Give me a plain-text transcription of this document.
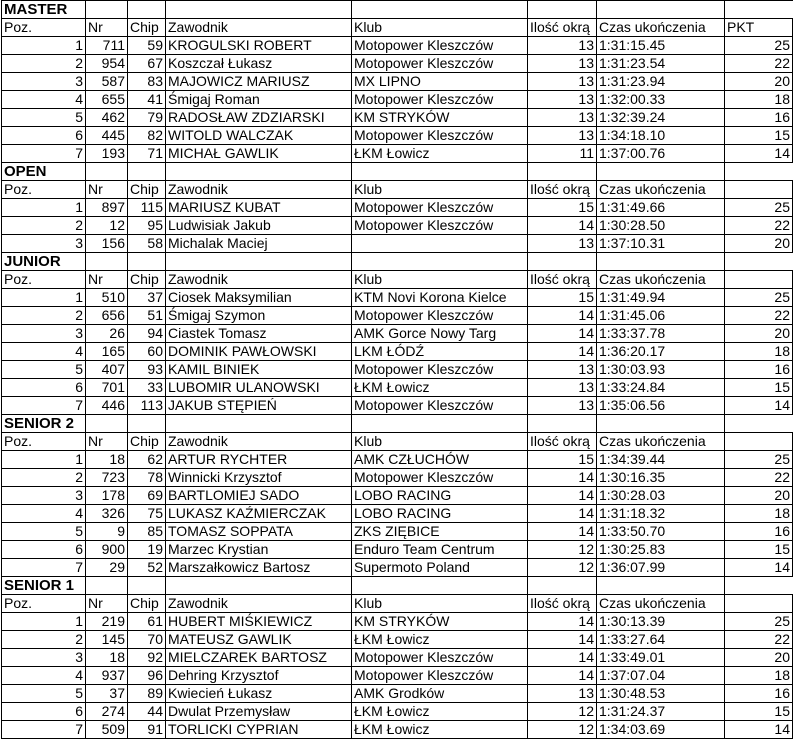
MASTER							
Poz.	Nr	Chip	Zawodnik	Klub	Ilość okrą	Czas ukończenia	PKT
1	711	59	KROGULSKI ROBERT	Motopower Kleszczów	13	1:31:15.45	25
2	954	67	Koszczał Łukasz	Motopower Kleszczów	13	1:31:23.54	22
3	587	83	MAJOWICZ MARIUSZ	MX LIPNO	13	1:31:23.94	20
4	655	41	Śmigaj Roman	Motopower Kleszczów	13	1:32:00.33	18
5	462	79	RADOSŁAW ZDZIARSKI	KM STRYKÓW	13	1:32:39.24	16
6	445	82	WITOLD WALCZAK	Motopower Kleszczów	13	1:34:18.10	15
7	193	71	MICHAŁ GAWLIK	ŁKM Łowicz	11	1:37:00.76	14
OPEN							
Poz.	Nr	Chip	Zawodnik	Klub	Ilość okrą	Czas ukończenia	
1	897	115	MARIUSZ KUBAT	Motopower Kleszczów	15	1:31:49.66	25
2	12	95	Ludwisiak Jakub	Motopower Kleszczów	14	1:30:28.50	22
3	156	58	Michalak Maciej		13	1:37:10.31	20
JUNIOR							
Poz.	Nr	Chip	Zawodnik	Klub	Ilość okrą	Czas ukończenia	
1	510	37	Ciosek Maksymilian	KTM Novi Korona Kielce	15	1:31:49.94	25
2	656	51	Śmigaj Szymon	Motopower Kleszczów	14	1:31:45.06	22
3	26	94	Ciastek Tomasz	AMK Gorce Nowy Targ	14	1:33:37.78	20
4	165	60	DOMINIK PAWŁOWSKI	LKM ŁÓDŹ	14	1:36:20.17	18
5	407	93	KAMIL BINIEK	Motopower Kleszczów	13	1:30:03.93	16
6	701	33	LUBOMIR ULANOWSKI	ŁKM Łowicz	13	1:33:24.84	15
7	446	113	JAKUB STĘPIEŃ	Motopower Kleszczów	13	1:35:06.56	14
SENIOR 2							
Poz.	Nr	Chip	Zawodnik	Klub	Ilość okrą	Czas ukończenia	
1	18	62	ARTUR RYCHTER	AMK CZŁUCHÓW	15	1:34:39.44	25
2	723	78	Winnicki Krzysztof	Motopower Kleszczów	14	1:30:16.35	22
3	178	69	BARTLOMIEJ SADO	LOBO RACING	14	1:30:28.03	20
4	326	75	LUKASZ KAŹMIERCZAK	LOBO RACING	14	1:31:18.32	18
5	9	85	TOMASZ SOPPATA	ZKS ZIĘBICE	14	1:33:50.70	16
6	900	19	Marzec Krystian	Enduro Team Centrum	12	1:30:25.83	15
7	29	52	Marszałkowicz Bartosz	Supermoto Poland	12	1:36:07.99	14
SENIOR 1							
Poz.	Nr	Chip	Zawodnik	Klub	Ilość okrą	Czas ukończenia	
1	219	61	HUBERT MIŚKIEWICZ	KM STRYKÓW	14	1:30:13.39	25
2	145	70	MATEUSZ GAWLIK	ŁKM Łowicz	14	1:33:27.64	22
3	18	92	MIELCZAREK BARTOSZ	Motopower Kleszczów	14	1:33:49.01	20
4	937	96	Dehring Krzysztof	Motopower Kleszczów	14	1:37:07.04	18
5	37	89	Kwiecień Łukasz	AMK Grodków	13	1:30:48.53	16
6	274	44	Dwulat Przemysław	ŁKM Łowicz	12	1:31:24.37	15
7	509	91	TORLICKI CYPRIAN	ŁKM Łowicz	12	1:34:03.69	14
